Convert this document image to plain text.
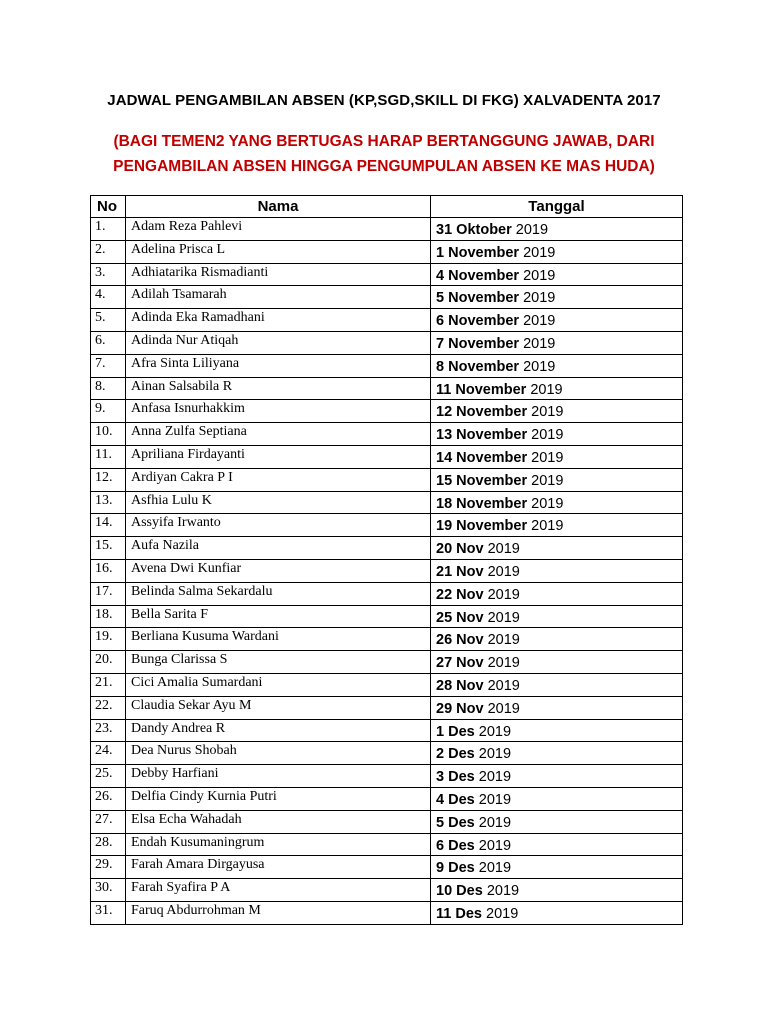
JADWAL PENGAMBILAN ABSEN (KP,SGD,SKILL DI FKG) XALVADENTA 2017
(BAGI TEMEN2 YANG BERTUGAS HARAP BERTANGGUNG JAWAB, DARI
PENGAMBILAN ABSEN HINGGA PENGUMPULAN ABSEN KE MAS HUDA)
No	Nama	Tanggal
1.	Adam Reza Pahlevi	31 Oktober 2019
2.	Adelina Prisca L	1 November 2019
3.	Adhiatarika Rismadianti	4 November 2019
4.	Adilah Tsamarah	5 November 2019
5.	Adinda Eka Ramadhani	6 November 2019
6.	Adinda Nur Atiqah	7 November 2019
7.	Afra Sinta Liliyana	8 November 2019
8.	Ainan Salsabila R	11 November 2019
9.	Anfasa Isnurhakkim	12 November 2019
10.	Anna Zulfa Septiana	13 November 2019
11.	Apriliana Firdayanti	14 November 2019
12.	Ardiyan Cakra P I	15 November 2019
13.	Asfhia Lulu K	18 November 2019
14.	Assyifa Irwanto	19 November 2019
15.	Aufa Nazila	20 Nov 2019
16.	Avena Dwi Kunfiar	21 Nov 2019
17.	Belinda Salma Sekardalu	22 Nov 2019
18.	Bella Sarita F	25 Nov 2019
19.	Berliana Kusuma Wardani	26 Nov 2019
20.	Bunga Clarissa S	27 Nov 2019
21.	Cici Amalia Sumardani	28 Nov 2019
22.	Claudia Sekar Ayu M	29 Nov 2019
23.	Dandy Andrea R	1 Des 2019
24.	Dea Nurus Shobah	2 Des 2019
25.	Debby Harfiani	3 Des 2019
26.	Delfia Cindy Kurnia Putri	4 Des 2019
27.	Elsa Echa Wahadah	5 Des 2019
28.	Endah Kusumaningrum	6 Des 2019
29.	Farah Amara Dirgayusa	9 Des 2019
30.	Farah Syafira P A	10 Des 2019
31.	Faruq Abdurrohman M	11 Des 2019
